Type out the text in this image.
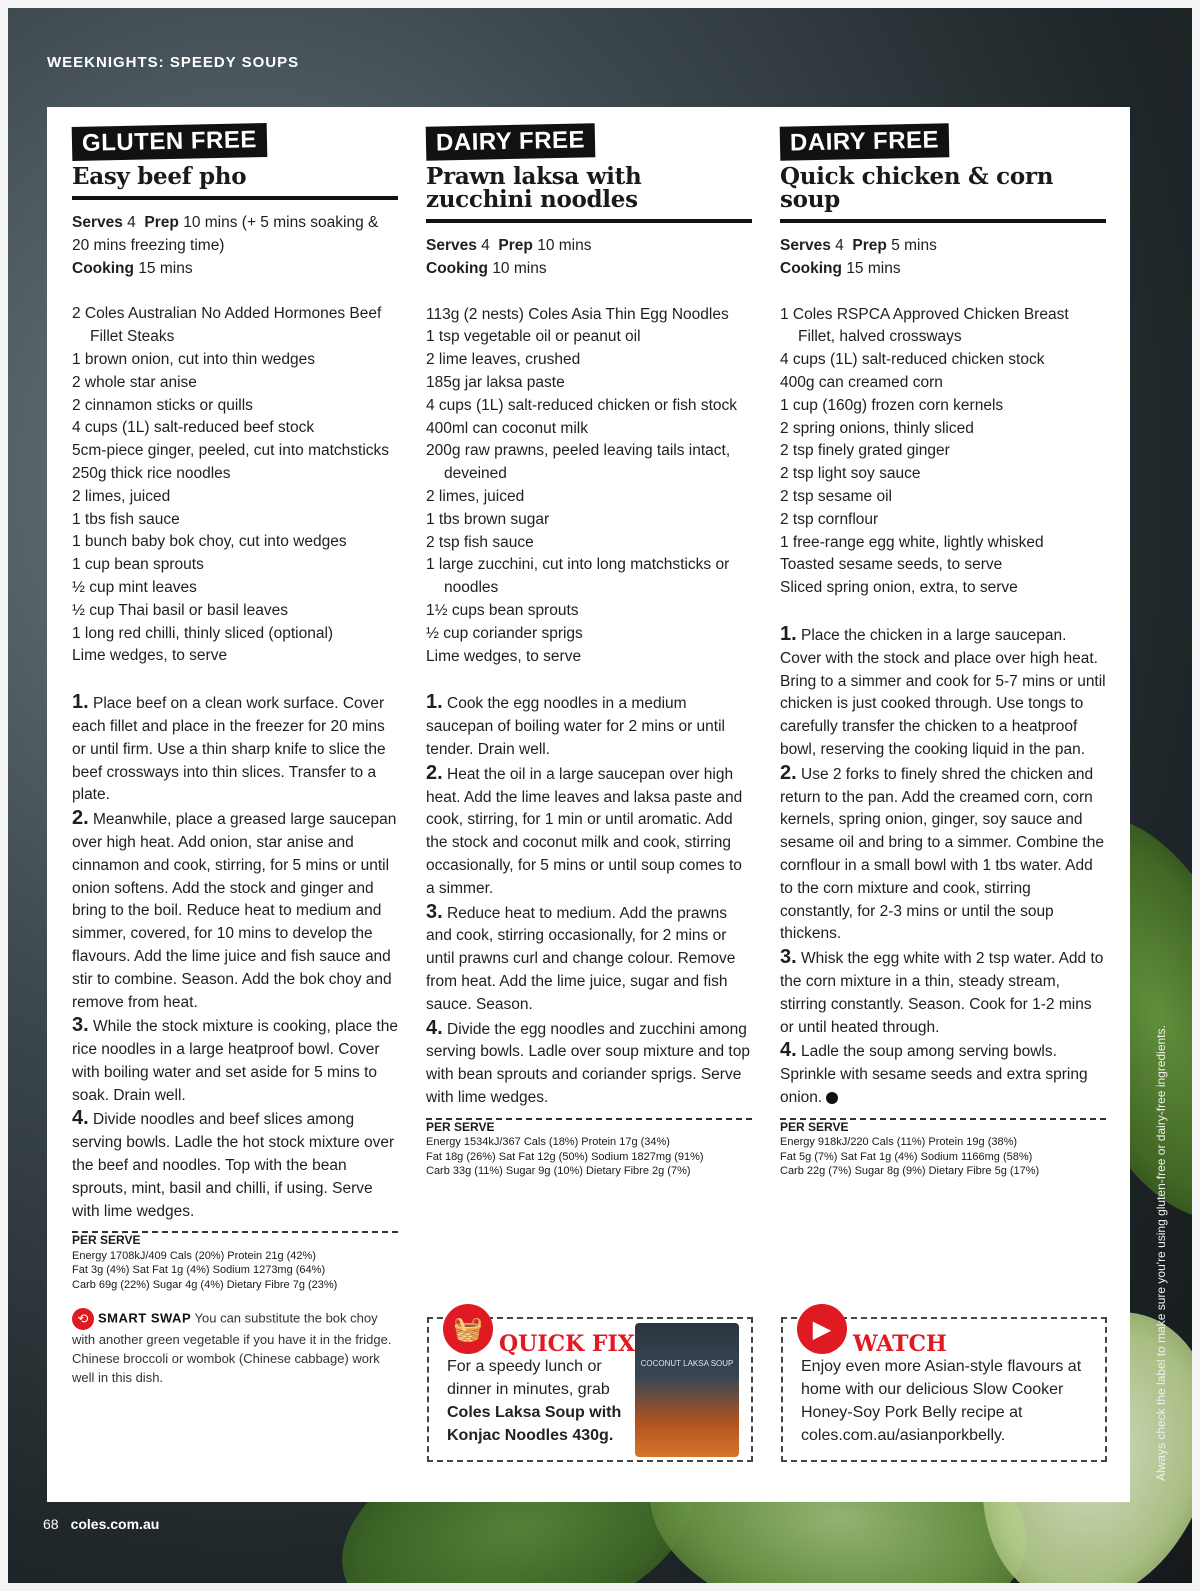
WEEKNIGHTS: SPEEDY SOUPS
GLUTEN FREE
Easy beef pho
Serves 4 Prep 10 mins (+ 5 mins soaking & 20 mins freezing time)
Cooking 15 mins
2 Coles Australian No Added Hormones Beef Fillet Steaks
1 brown onion, cut into thin wedges
2 whole star anise
2 cinnamon sticks or quills
4 cups (1L) salt-reduced beef stock
5cm-piece ginger, peeled, cut into matchsticks
250g thick rice noodles
2 limes, juiced
1 tbs fish sauce
1 bunch baby bok choy, cut into wedges
1 cup bean sprouts
½ cup mint leaves
½ cup Thai basil or basil leaves
1 long red chilli, thinly sliced (optional)
Lime wedges, to serve

1. Place beef on a clean work surface. Cover each fillet and place in the freezer for 20 mins or until firm. Use a thin sharp knife to slice the beef crossways into thin slices. Transfer to a plate.

2. Meanwhile, place a greased large saucepan over high heat. Add onion, star anise and cinnamon and cook, stirring, for 5 mins or until onion softens. Add the stock and ginger and bring to the boil. Reduce heat to medium and simmer, covered, for 10 mins to develop the flavours. Add the lime juice and fish sauce and stir to combine. Season. Add the bok choy and remove from heat.

3. While the stock mixture is cooking, place the rice noodles in a large heatproof bowl. Cover with boiling water and set aside for 5 mins to soak. Drain well.

4. Divide noodles and beef slices among serving bowls. Ladle the hot stock mixture over the beef and noodles. Top with the bean sprouts, mint, basil and chilli, if using. Serve with lime wedges.

PER SERVE
Energy 1708kJ/409 Cals (20%) Protein 21g (42%)
Fat 3g (4%) Sat Fat 1g (4%) Sodium 1273mg (64%)
Carb 69g (22%) Sugar 4g (4%) Dietary Fibre 7g (23%)
⟲ SMART SWAP You can substitute the bok choy with another green vegetable if you have it in the fridge. Chinese broccoli or wombok (Chinese cabbage) work well in this dish.
DAIRY FREE
Prawn laksa with zucchini noodles
Serves 4 Prep 10 mins
Cooking 10 mins
113g (2 nests) Coles Asia Thin Egg Noodles
1 tsp vegetable oil or peanut oil
2 lime leaves, crushed
185g jar laksa paste
4 cups (1L) salt-reduced chicken or fish stock
400ml can coconut milk
200g raw prawns, peeled leaving tails intact, deveined
2 limes, juiced
1 tbs brown sugar
2 tsp fish sauce
1 large zucchini, cut into long matchsticks or noodles
1½ cups bean sprouts
½ cup coriander sprigs
Lime wedges, to serve

1. Cook the egg noodles in a medium saucepan of boiling water for 2 mins or until tender. Drain well.

2. Heat the oil in a large saucepan over high heat. Add the lime leaves and laksa paste and cook, stirring, for 1 min or until aromatic. Add the stock and coconut milk and cook, stirring occasionally, for 5 mins or until soup comes to a simmer.

3. Reduce heat to medium. Add the prawns and cook, stirring occasionally, for 2 mins or until prawns curl and change colour. Remove from heat. Add the lime juice, sugar and fish sauce. Season.

4. Divide the egg noodles and zucchini among serving bowls. Ladle over soup mixture and top with bean sprouts and coriander sprigs. Serve with lime wedges.

PER SERVE
Energy 1534kJ/367 Cals (18%) Protein 17g (34%)
Fat 18g (26%) Sat Fat 12g (50%) Sodium 1827mg (91%)
Carb 33g (11%) Sugar 9g (10%) Dietary Fibre 2g (7%)
DAIRY FREE
Quick chicken & corn soup
Serves 4 Prep 5 mins
Cooking 15 mins
1 Coles RSPCA Approved Chicken Breast Fillet, halved crossways
4 cups (1L) salt-reduced chicken stock
400g can creamed corn
1 cup (160g) frozen corn kernels
2 spring onions, thinly sliced
2 tsp finely grated ginger
2 tsp light soy sauce
2 tsp sesame oil
2 tsp cornflour
1 free-range egg white, lightly whisked
Toasted sesame seeds, to serve
Sliced spring onion, extra, to serve

1. Place the chicken in a large saucepan. Cover with the stock and place over high heat. Bring to a simmer and cook for 5-7 mins or until chicken is just cooked through. Use tongs to carefully transfer the chicken to a heatproof bowl, reserving the cooking liquid in the pan.

2. Use 2 forks to finely shred the chicken and return to the pan. Add the creamed corn, corn kernels, spring onion, ginger, soy sauce and sesame oil and bring to a simmer. Combine the cornflour in a small bowl with 1 tbs water. Add to the corn mixture and cook, stirring constantly, for 2-3 mins or until the soup thickens.

3. Whisk the egg white with 2 tsp water. Add to the corn mixture in a thin, steady stream, stirring constantly. Season. Cook for 1-2 mins or until heated through.

4. Ladle the soup among serving bowls. Sprinkle with sesame seeds and extra spring onion.

PER SERVE
Energy 918kJ/220 Cals (11%) Protein 19g (38%)
Fat 5g (7%) Sat Fat 1g (4%) Sodium 1166mg (58%)
Carb 22g (7%) Sugar 8g (9%) Dietary Fibre 5g (17%)
🧺
QUICK FIX
For a speedy lunch or dinner in minutes, grab Coles Laksa Soup with Konjac Noodles 430g.
COCONUT LAKSA SOUP
▶
WATCH
Enjoy even more Asian-style flavours at home with our delicious Slow Cooker Honey-Soy Pork Belly recipe at coles.com.au/asianporkbelly.	Always check the label to make sure you're using gluten-free or dairy-free ingredients.
68 coles.com.au
